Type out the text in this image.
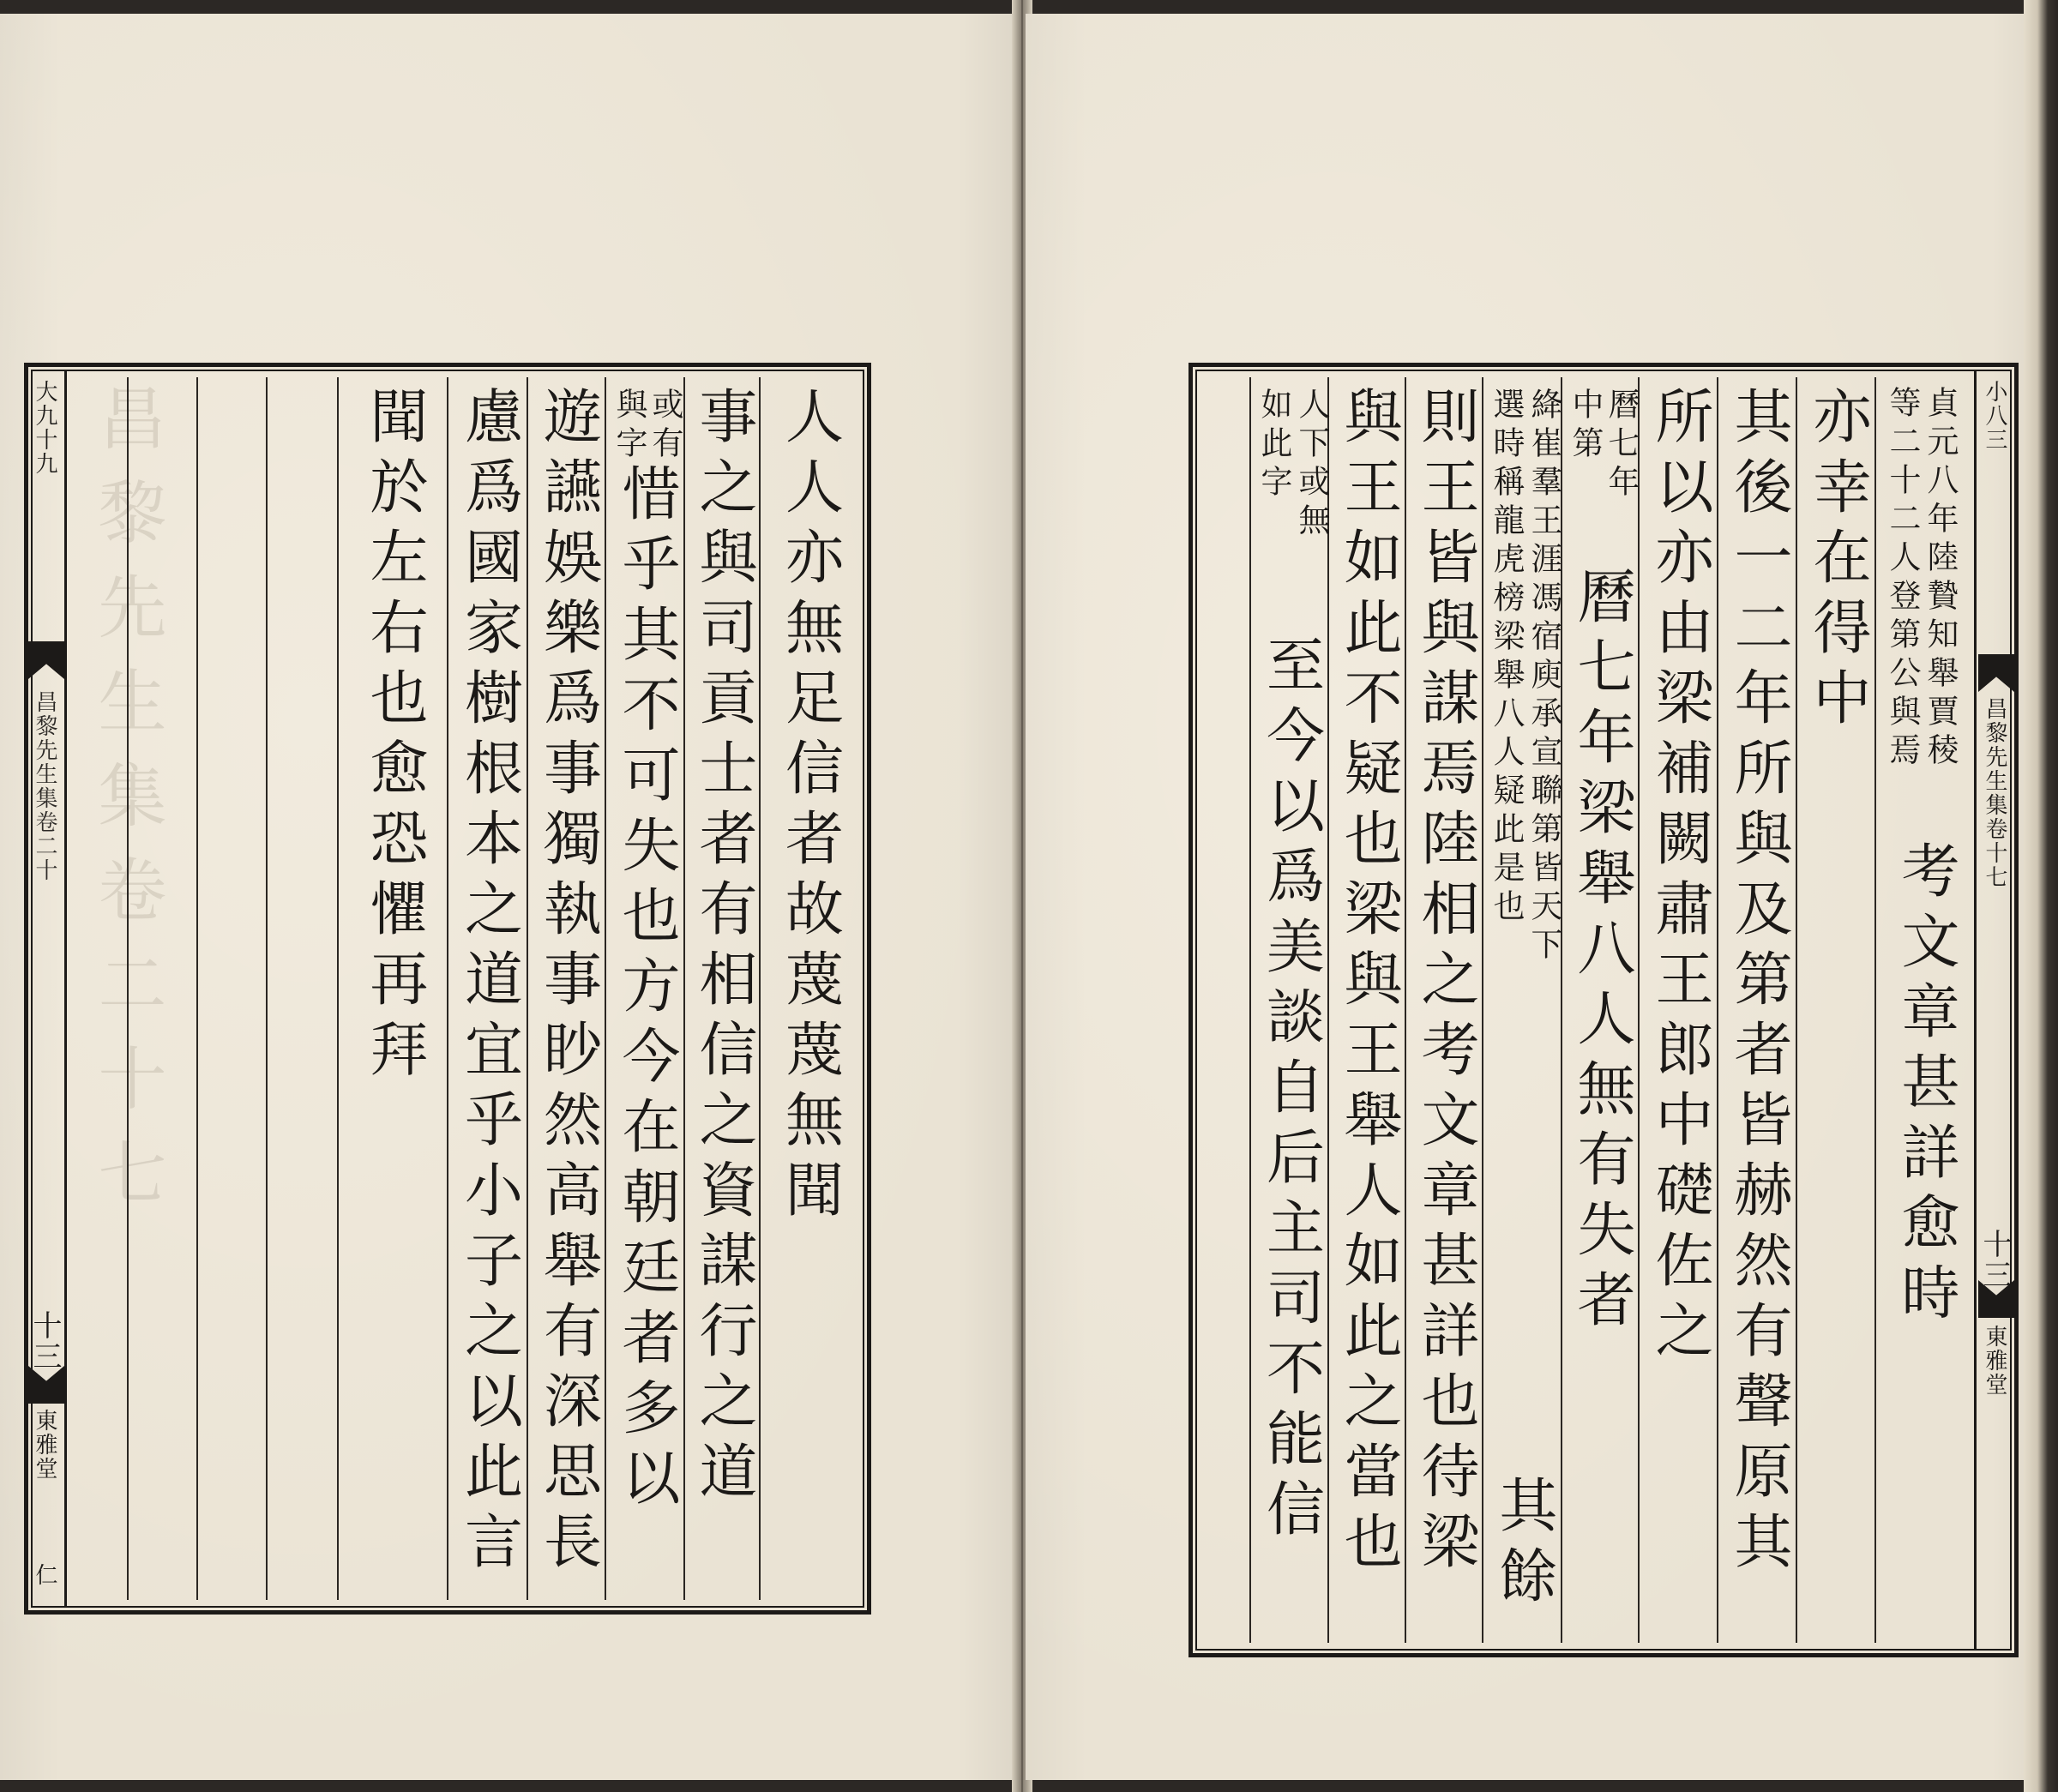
昌黎先生集卷二十七
大九十九
昌黎先生集卷二十
十三
東雅堂
仁
人人亦無足信者故蔑蔑無聞
事之與司貢士者有相信之資謀行之道
或有
與字
惜乎其不可失也方今在朝廷者多以
遊讌娛樂爲事獨執事眇然高舉有深思長
慮爲國家樹根本之道宜乎小子之以此言
聞於左右也愈恐懼再拜	小八三
昌黎先生集卷十七
十三
東雅堂
貞元八年陸贄知舉賈稜
等二十二人登第公與焉
考文章甚詳愈時
亦幸在得中
其後一二年所與及第者皆赫然有聲原其
所以亦由梁補闕肅王郎中礎佐之
曆七年
中第
曆七年梁舉八人無有失者
絳崔羣王涯馮宿庾承宣聯第皆天下
選時稱龍虎榜梁舉八人疑此是也
其餘
則王皆與謀焉陸相之考文章甚詳也待梁
與王如此不疑也梁與王舉人如此之當也
人下或無
如此字
至今以爲美談自后主司不能信
